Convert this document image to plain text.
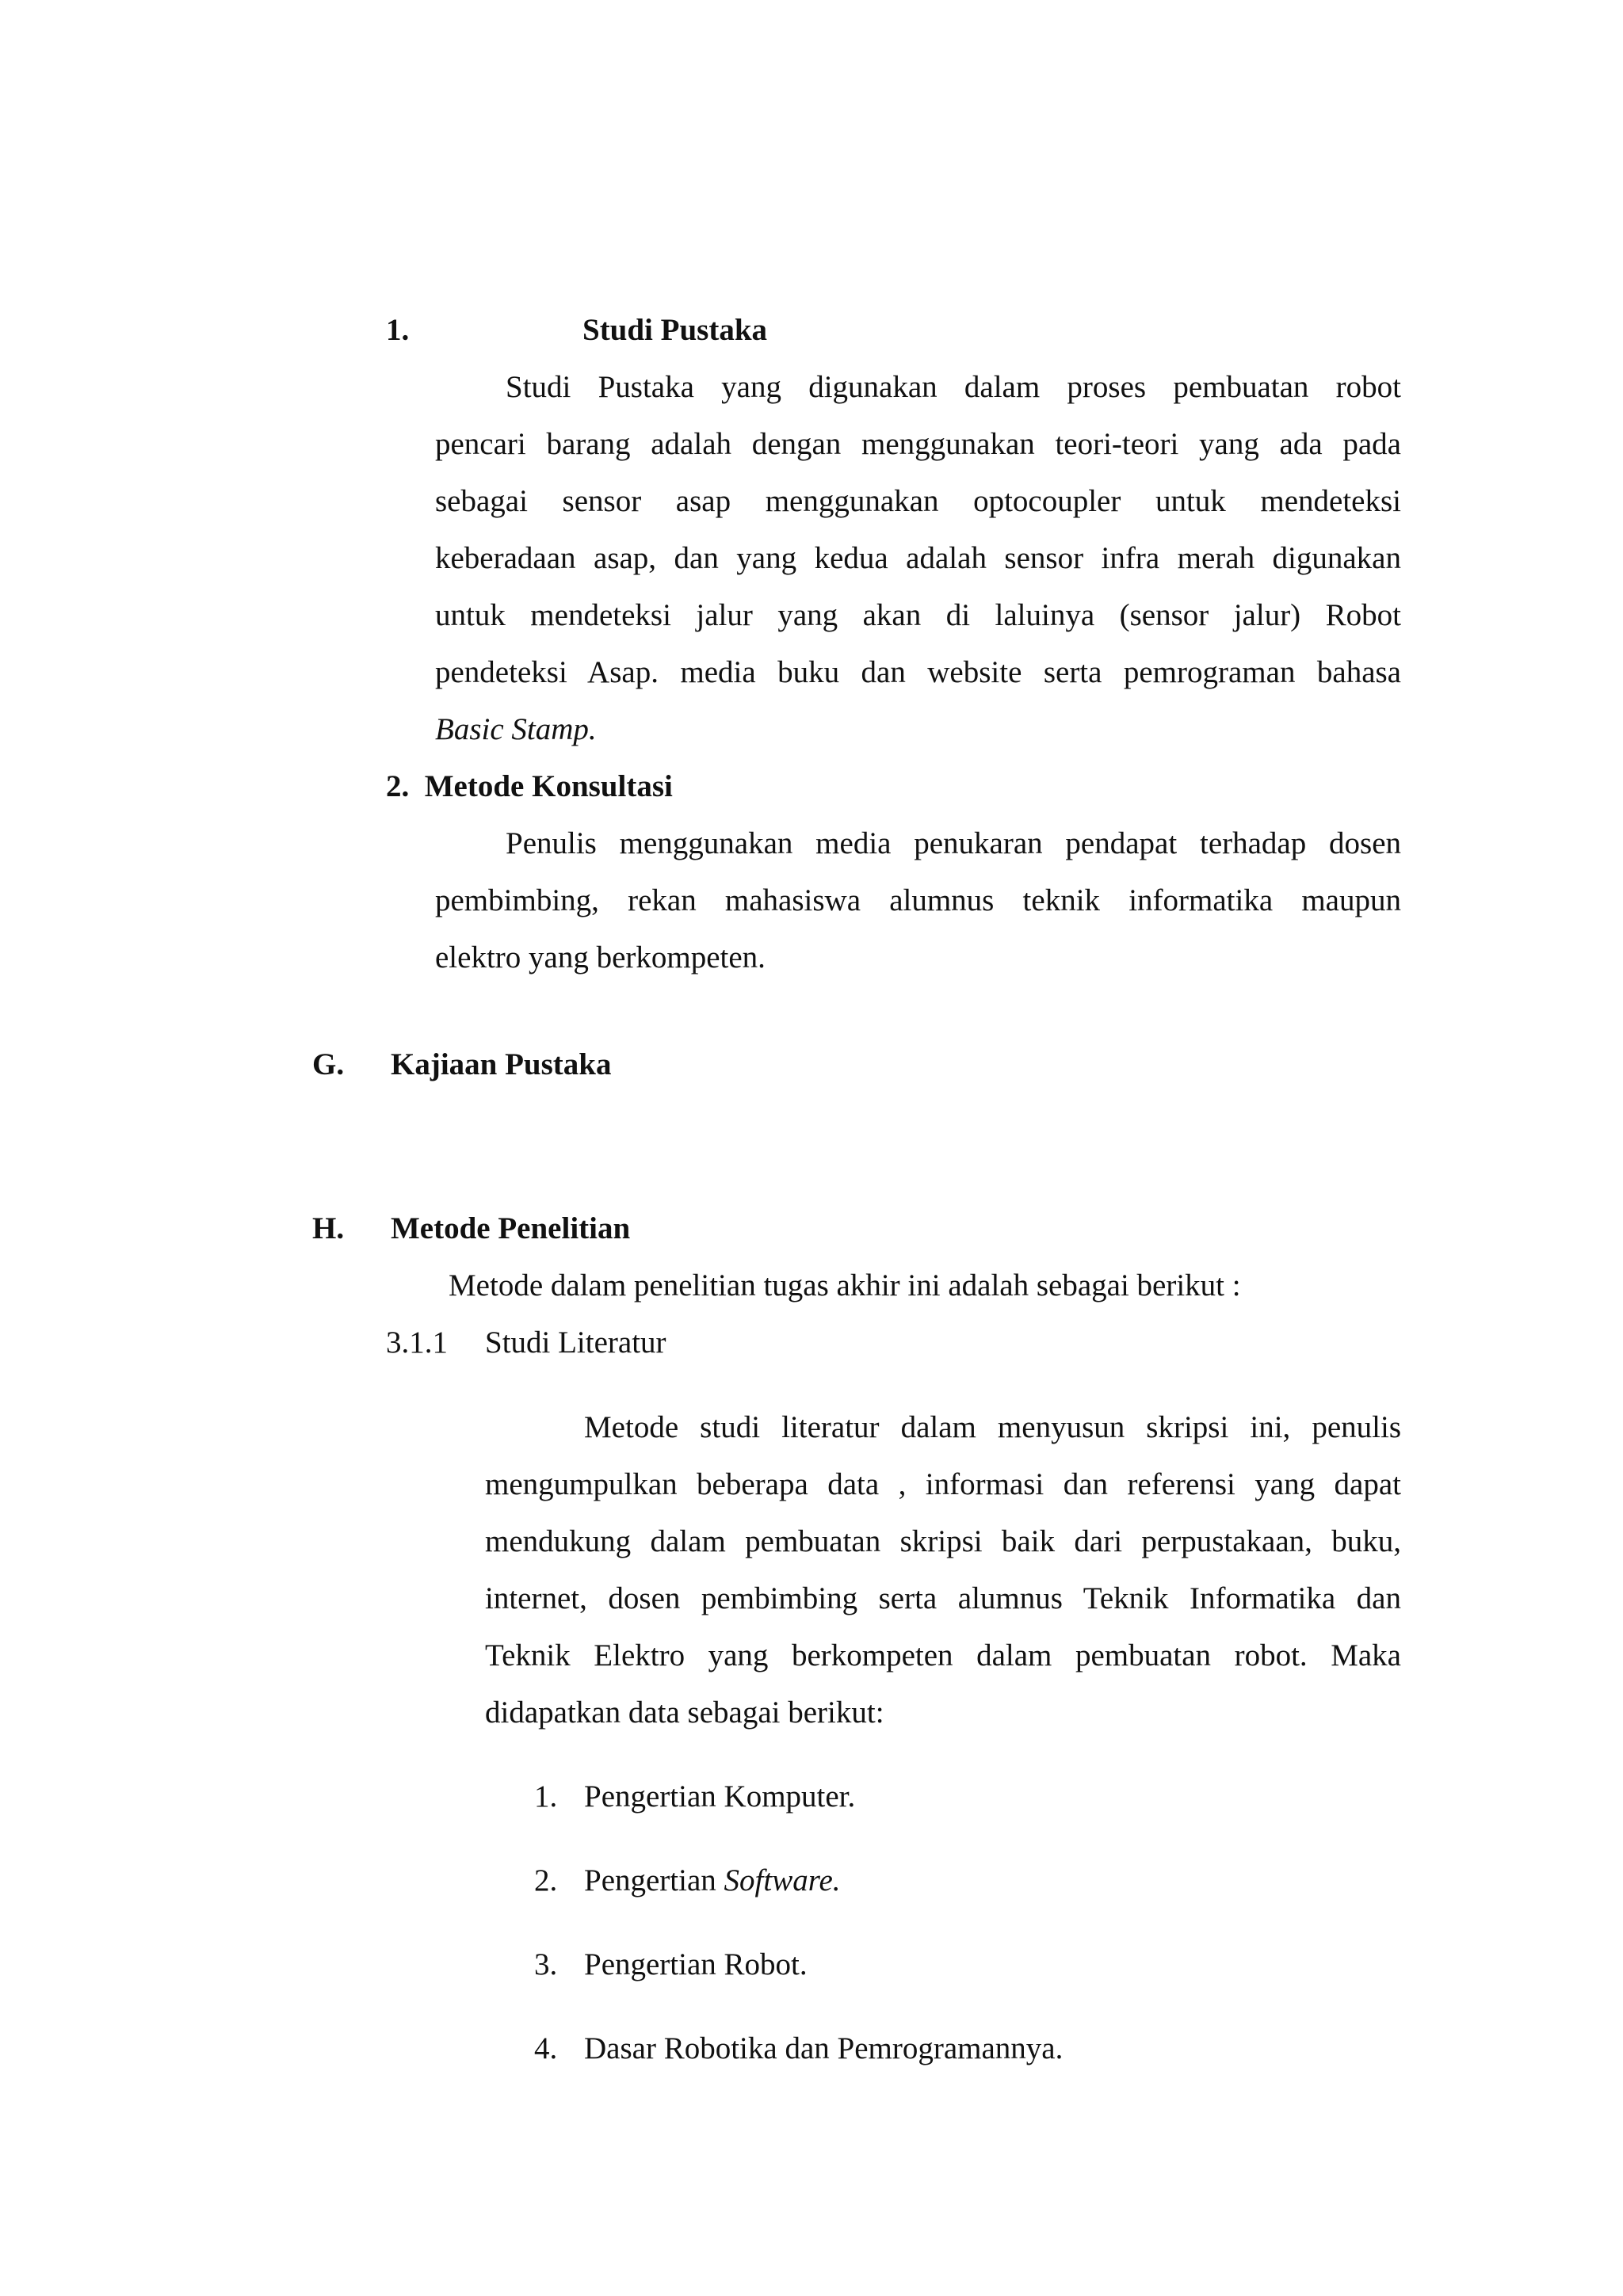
1.	Studi Pustaka
Studi Pustaka yang digunakan dalam proses pembuatan robot
pencari barang adalah dengan menggunakan teori-teori yang ada pada
sebagai sensor asap menggunakan optocoupler untuk mendeteksi
keberadaan asap, dan yang kedua adalah sensor infra merah digunakan
untuk mendeteksi jalur yang akan di laluinya (sensor jalur) Robot
pendeteksi Asap. media buku dan website serta pemrograman bahasa
Basic Stamp.
2.  Metode Konsultasi
Penulis menggunakan media penukaran pendapat terhadap dosen
pembimbing, rekan mahasiswa alumnus teknik informatika maupun
elektro yang berkompeten.
G. Kajiaan Pustaka
H. Metode Penelitian
Metode dalam penelitian tugas akhir ini adalah sebagai berikut :
3.1.1 Studi Literatur
Metode studi literatur dalam menyusun skripsi ini, penulis
mengumpulkan beberapa data , informasi dan referensi yang dapat
mendukung dalam pembuatan skripsi baik dari perpustakaan, buku,
internet, dosen pembimbing serta alumnus Teknik Informatika dan
Teknik Elektro yang berkompeten dalam pembuatan robot. Maka
didapatkan data sebagai berikut:
1. Pengertian Komputer.
2. Pengertian Software.
3. Pengertian Robot.
4. Dasar Robotika dan Pemrogramannya.
